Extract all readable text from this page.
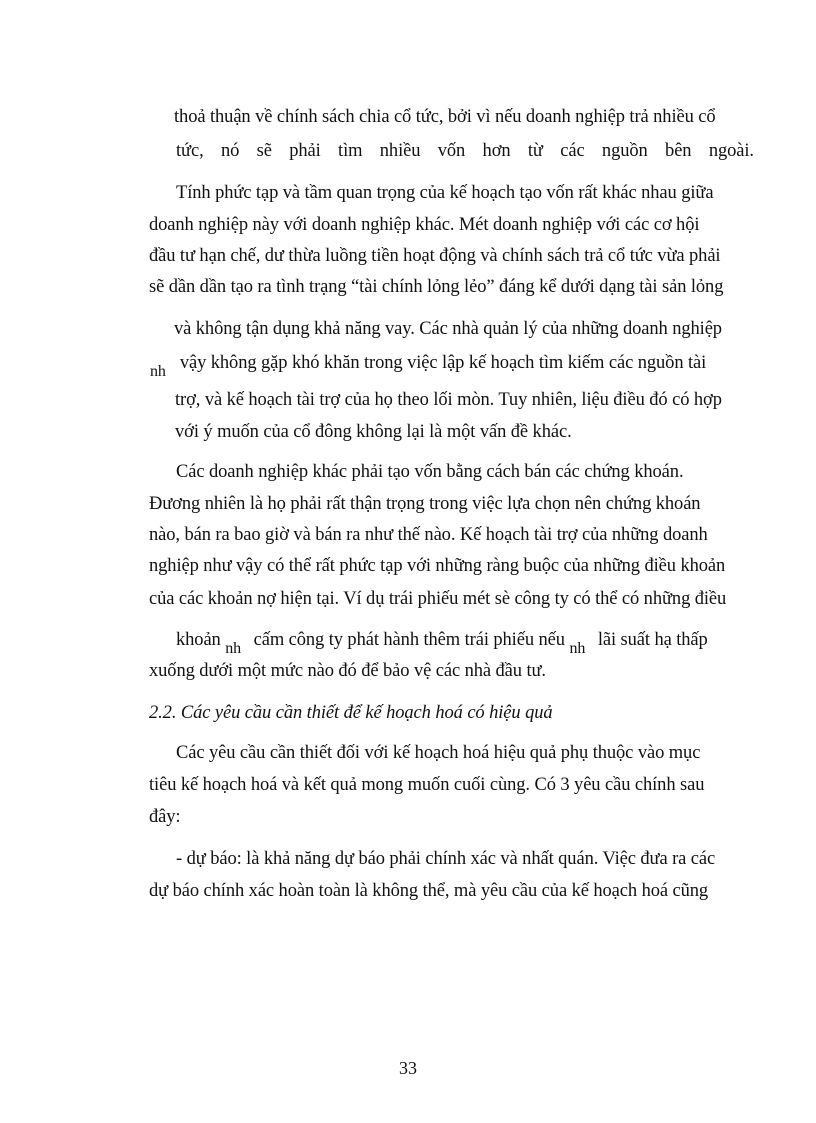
thoả thuận về chính sách chia cổ tức, bởi vì nếu doanh nghiệp trả nhiều cổ
tức, nó sẽ phải tìm nhiều vốn hơn từ các nguồn bên ngoài.
Tính phức tạp và tầm quan trọng của kế hoạch tạo vốn rất khác nhau giữa
doanh nghiệp này với doanh nghiệp khác. Mét doanh nghiệp với các cơ hội
đầu tư hạn chế, dư thừa luồng tiền hoạt động và chính sách trả cổ tức vừa phải
sẽ dần dần tạo ra tình trạng “tài chính lỏng lẻo” đáng kể dưới dạng tài sản lỏng
và không tận dụng khả năng vay. Các nhà quản lý của những doanh nghiệp
nh vậy không gặp khó khăn trong việc lập kế hoạch tìm kiếm các nguồn tài
trợ, và kế hoạch tài trợ của họ theo lối mòn. Tuy nhiên, liệu điều đó có hợp
với ý muốn của cổ đông không lại là một vấn đề khác.
Các doanh nghiệp khác phải tạo vốn bằng cách bán các chứng khoán.
Đương nhiên là họ phải rất thận trọng trong việc lựa chọn nên chứng khoán
nào, bán ra bao giờ và bán ra như thế nào. Kế hoạch tài trợ của những doanh
nghiệp như vậy có thể rất phức tạp với những ràng buộc của những điều khoản
của các khoản nợ hiện tại. Ví dụ trái phiếu mét sè công ty có thể có những điều
khoản nh cấm công ty phát hành thêm trái phiếu nếu nh lãi suất hạ thấp
xuống dưới một mức nào đó để bảo vệ các nhà đầu tư.
2.2. Các yêu cầu cần thiết để kế hoạch hoá có hiệu quả
Các yêu cầu cần thiết đối với kế hoạch hoá hiệu quả phụ thuộc vào mục
tiêu kế hoạch hoá và kết quả mong muốn cuối cùng. Có 3 yêu cầu chính sau
đây:
- dự báo: là khả năng dự báo phải chính xác và nhất quán. Việc đưa ra các
dự báo chính xác hoàn toàn là không thể, mà yêu cầu của kế hoạch hoá cũng
33
